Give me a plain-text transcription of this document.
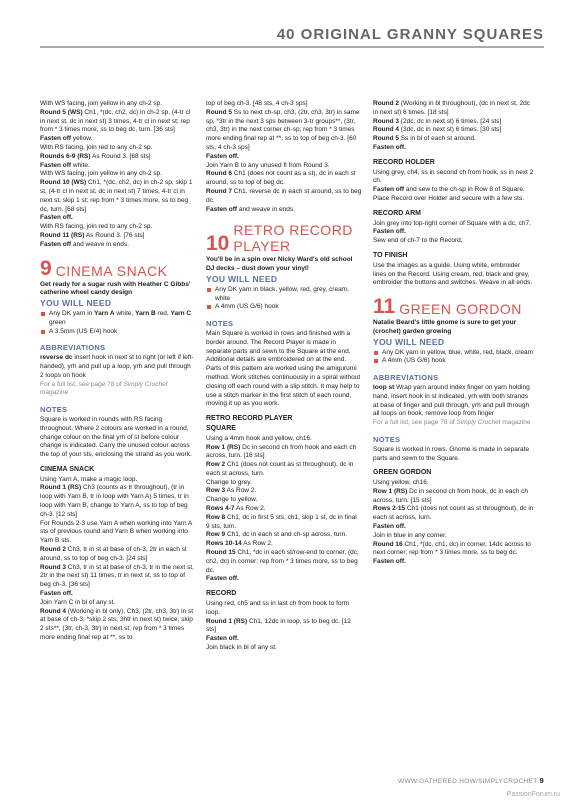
40 ORIGINAL GRANNY SQUARES

With WS facing, join yellow in any ch-2 sp.

Round 5 (WS) Ch1, *(dc, ch2, dc) in ch-2 sp, (4-tr cl in next st, dc in next st) 3 times, 4-tr cl in next st; rep from * 3 times more, ss to beg dc, turn. [36 sts]

Fasten off yellow.

With RS facing, join red to any ch-2 sp.

Rounds 6-9 (RS) As Round 3. [68 sts]

Fasten off white.

With WS facing, join yellow in any ch-2 sp.

Round 10 (WS) Ch1, *(dc, ch2, dc) in ch-2 sp, skip 1 st, (4-tr cl in next st, dc in next st) 7 times, 4-tr cl in next st, skip 1 st; rep from * 3 times more, ss to beg dc, turn. [68 sts]

Fasten off.

With RS facing, join red to any ch-2 sp.

Round 11 (RS) As Round 3. [76 sts]

Fasten off and weave in ends.

9 CINEMA SNACK

Get ready for a sugar rush with Heather C Gibbs' catherine wheel candy design

YOU WILL NEED

Any DK yarn in Yarn A white, Yarn B red, Yarn C green

A 3.5mm (US E/4) hook

ABBREVIATIONS

reverse dc insert hook in next st to right (or left if left-handed), yrh and pull up a loop, yrh and pull through 2 loops on hook

For a full list, see page 78 of Simply Crochet magazine

NOTES

Square is worked in rounds with RS facing throughout. Where 2 colours are worked in a round, change colour on the final yrh of st before colour change is indicated. Carry the unused colour across the top of your sts, enclosing the strand as you work.

CINEMA SNACK

Using Yarn A, make a magic loop.

Round 1 (RS) Ch3 (counts as tr throughout), (tr in loop with Yarn B, tr in loop with Yarn A) 5 times, tr in loop with Yarn B, change to Yarn A, ss to top of beg ch-3. [12 sts]

For Rounds 2-3 use Yarn A when working into Yarn A sts of previous round and Yarn B when working into Yarn B sts.

Round 2 Ch3, tr in st at base of ch-3, 2tr in each st around, ss to top of beg ch-3. [24 sts]

Round 3 Ch3, tr in st at base of ch-3, tr in the next st, 2tr in the next st) 11 times, tr in next st, ss to top of beg ch-3. [36 sts]

Fasten off.

Join Yarn C in bl of any st.

Round 4 (Working in bl only), Ch3, (2tr, ch3, 3tr) in st at base of ch-3, *skip 2 sts, 3htr in next st) twice, skip 2 sts**, (3tr, ch-3, 3tr) in next st; rep from * 3 times more ending final rep at **, ss to

top of beg ch-3. [48 sts, 4 ch-3 sps]

Round 5 Ss to next ch-sp, ch3, (2tr, ch3, 3tr) in same sp, *3tr in the next 3 sps between 3-tr groups**, (3tr, ch3, 3tr) in the next corner ch-sp; rep from * 3 times more ending final rep at **, ss to top of beg ch-3. [60 sts, 4 ch-3 sps]

Fasten off.

Join Yarn B to any unused fl from Round 3.

Round 6 Ch1 (does not count as a st), dc in each st around, ss to top of beg dc.

Round 7 Ch1, reverse dc in each st around, ss to beg dc.

Fasten off and weave in ends.

10
RETRO RECORD PLAYER

You'll be in a spin over Nicky Ward's old school DJ decks – dust down your vinyl!

YOU WILL NEED

Any DK yarn in black, yellow, red, grey, cream, white

A 4mm (US G/6) hook

NOTES

Main Square is worked in rows and finished with a border around. The Record Player is made in separate parts and sewn to the Square at the end. Additional details are embroidered on at the end.

Parts of this pattern are worked using the amigurumi method. Work stitches continuously in a spiral without closing off each round with a slip stitch. It may help to use a stitch marker in the first stitch of each round, moving it up as you work.

RETRO RECORD PLAYER
SQUARE

Using a 4mm hook and yellow, ch16.

Row 1 (RS) Dc in second ch from hook and each ch across, turn. [16 sts]

Row 2 Ch1 (does not count as st throughout), dc in each st across, turn.

Change to grey.

Row 3 As Row 2.

Change to yellow.

Rows 4-7 As Row 2.

Row 8 Ch1, dc in first 5 sts, ch1, skip 1 st, dc in final 9 sts, turn.

Row 9 Ch1, dc in each st and ch-sp across, turn.

Rows 10-14 As Row 2.

Round 15 Ch1, *dc in each st/row-end to corner, (dc, ch2, dc) in corner; rep from * 3 times more, ss to beg dc.

Fasten off.

RECORD

Using red, ch5 and ss in last ch from hook to form loop.

Round 1 (RS) Ch1, 12dc in loop, ss to beg dc. [12 sts]

Fasten off.

Join black in bl of any st.

Round 2 (Working in bl throughout), (dc in next st, 2dc in next st) 6 times. [18 sts]

Round 3 (2dc, dc in next st) 6 times. [24 sts]

Round 4 (3dc, dc in next st) 6 times. [30 sts]

Round 5 Ss in bl of each st around.

Fasten off.

RECORD HOLDER

Using grey, ch4, ss in second ch from hook, ss in next 2 ch.

Fasten off and sew to the ch-sp in Row 8 of Square.

Place Record over Holder and secure with a few sts.

RECORD ARM

Join grey into top-right corner of Square with a dc, ch7.

Fasten off.

Sew end of ch-7 to the Record.

TO FINISH

Use the images as a guide. Using white, embroider lines on the Record. Using cream, red, black and grey, embroider the buttons and switches. Weave in all ends.

11 GREEN GORDON

Natalie Beard's little gnome is sure to get your (crochet) garden growing

YOU WILL NEED

Any DK yarn in yellow, blue, white, red, black, cream

A 4mm (US G/6) hook

ABBREVIATIONS

loop st Wrap yarn around index finger on yarn holding hand, insert hook in st indicated, yrh with both strands at base of finger and pull through, yrh and pull through all loops on hook, remove loop from finger

For a full list, see page 78 of Simply Crochet magazine

NOTES

Square is worked in rows. Gnome is made in separate parts and sewn to the Square.

GREEN GORDON

Using yellow, ch16.

Row 1 (RS) Dc in second ch from hook, dc in each ch across, turn. [15 sts]

Rows 2-15 Ch1 (does not count as st throughout), dc in each st across, turn.

Fasten off.

Join in blue in any corner.

Round 16 Ch1, *(dc, ch1, dc) in corner, 14dc across to next corner; rep from * 3 times more, ss to beg dc.

Fasten off.

WWW.GATHERED.HOW/SIMPLYCROCHET 9
PassionForum.ru
